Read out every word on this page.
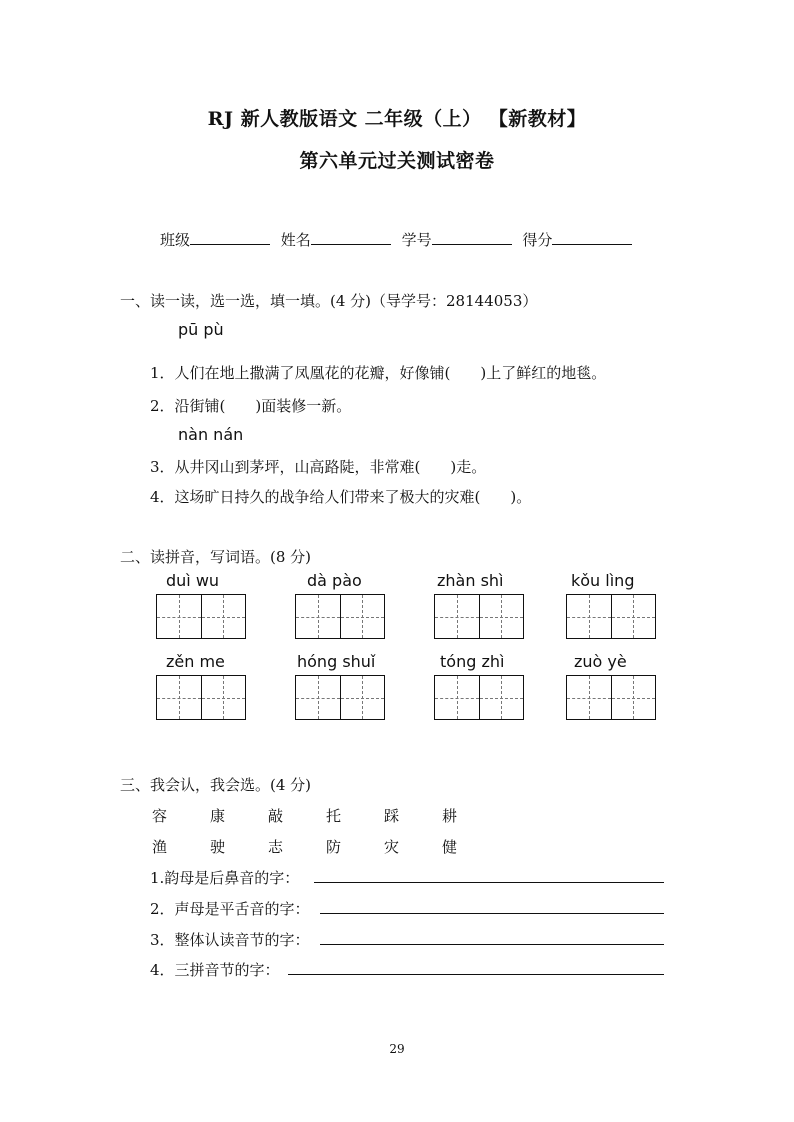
RJ 新人教版语文 二年级（上） 【新教材】
第六单元过关测试密卷
班级	姓名	学号	得分
一、读一读，选一选，填一填。(4 分)（导学号：28144053）
pū pù
1．人们在地上撒满了凤凰花的花瓣，好像铺( )上了鲜红的地毯。
2．沿街铺( )面装修一新。
nàn nán
3．从井冈山到茅坪，山高路陡，非常难( )走。
4．这场旷日持久的战争给人们带来了极大的灾难( )。
二、读拼音，写词语。(8 分)
duì wu	dà pào	zhàn shì	kǒu lìng
zěn me	hóng shuǐ	tóng zhì	zuò yè
三、我会认，我会选。(4 分)
容	康	敲	托	踩	耕
渔	驶	志	防	灾	健
1.韵母是后鼻音的字：
2．声母是平舌音的字：
3．整体认读音节的字：
4．三拼音节的字：
29
